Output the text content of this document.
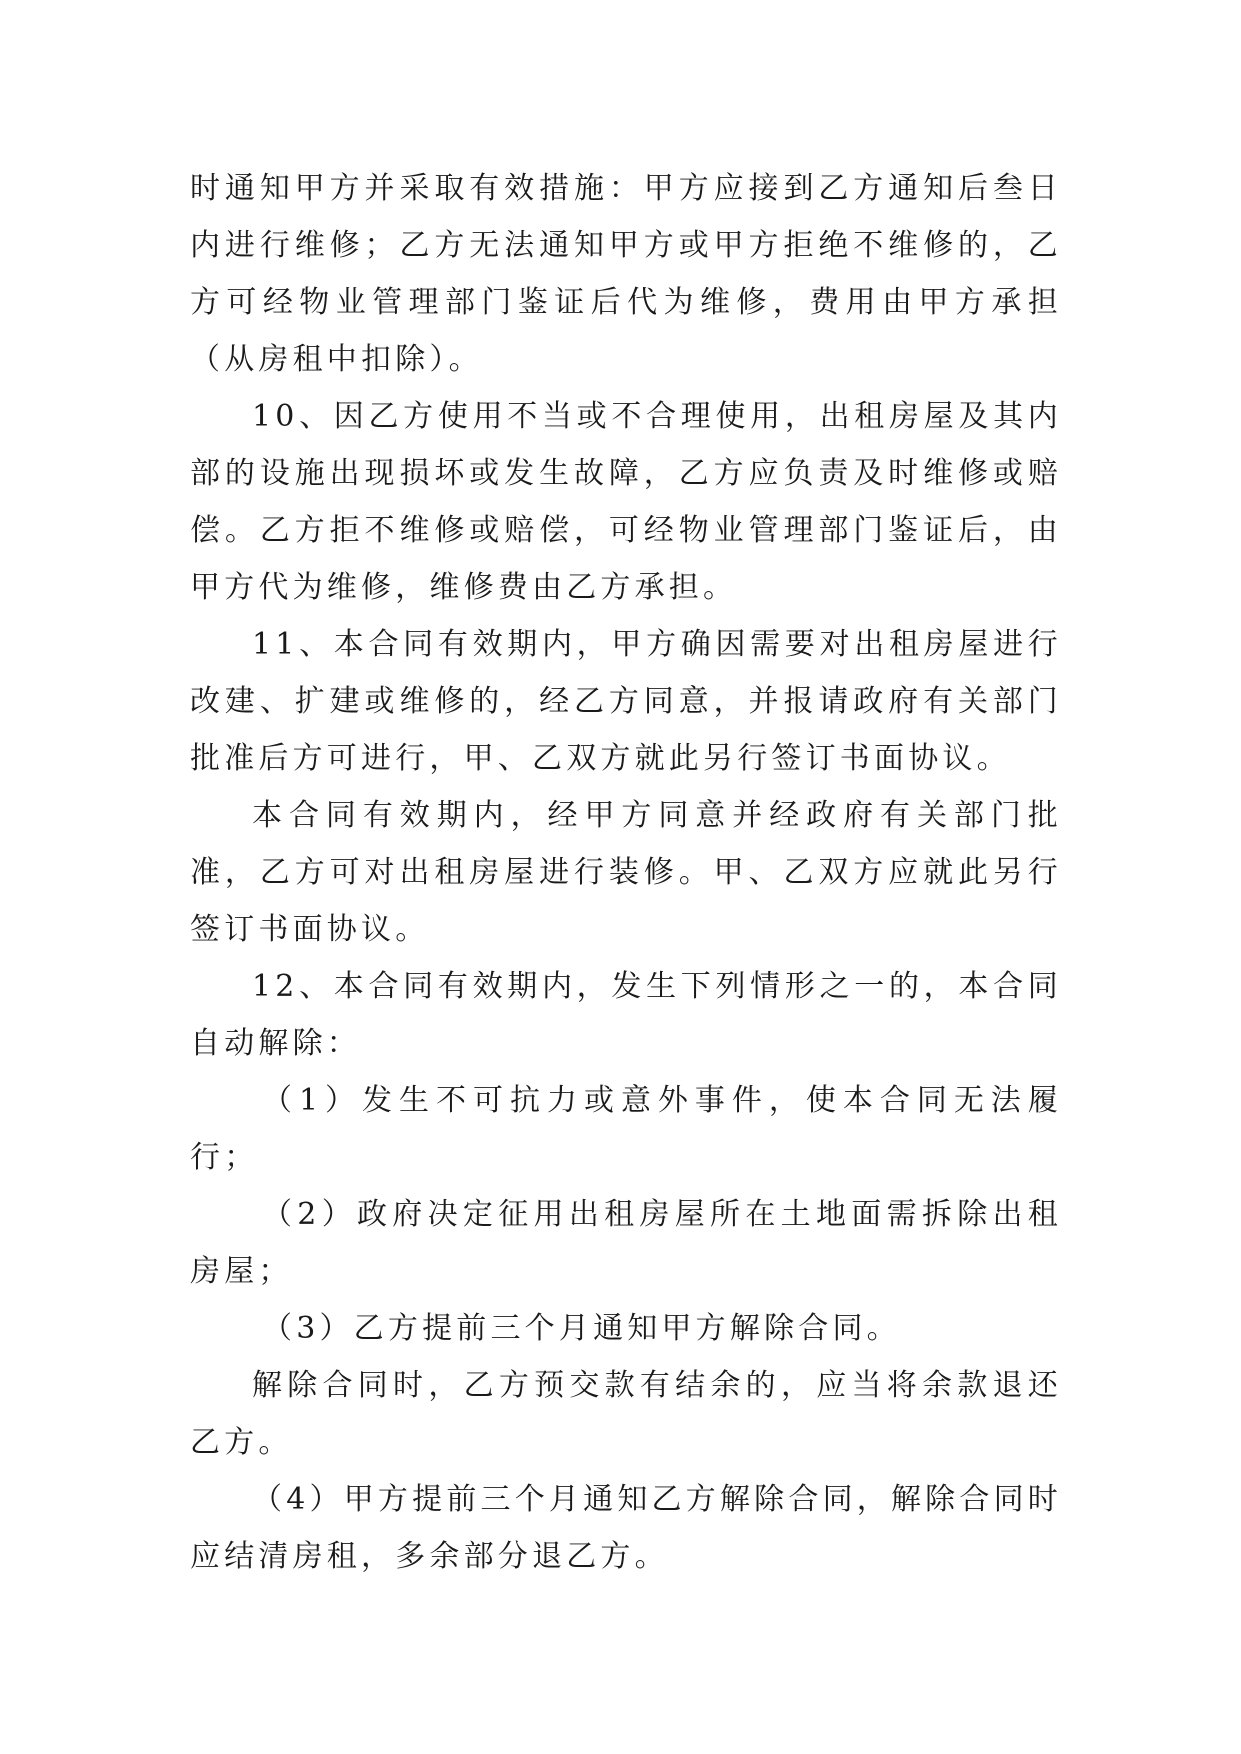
时通知甲方并采取有效措施：甲方应接到乙方通知后叁日内进行维修；乙方无法通知甲方或甲方拒绝不维修的，乙方可经物业管理部门鉴证后代为维修，费用由甲方承担（从房租中扣除）。

10、因乙方使用不当或不合理使用，出租房屋及其内部的设施出现损坏或发生故障，乙方应负责及时维修或赔偿。乙方拒不维修或赔偿，可经物业管理部门鉴证后，由甲方代为维修，维修费由乙方承担。

11、本合同有效期内，甲方确因需要对出租房屋进行改建、扩建或维修的，经乙方同意，并报请政府有关部门批准后方可进行，甲、乙双方就此另行签订书面协议。

本合同有效期内，经甲方同意并经政府有关部门批准，乙方可对出租房屋进行装修。甲、乙双方应就此另行签订书面协议。

12、本合同有效期内，发生下列情形之一的，本合同自动解除：

（1）发生不可抗力或意外事件，使本合同无法履行；

（2）政府决定征用出租房屋所在土地面需拆除出租房屋；

（3）乙方提前三个月通知甲方解除合同。

解除合同时，乙方预交款有结余的，应当将余款退还乙方。

（4）甲方提前三个月通知乙方解除合同，解除合同时应结清房租，多余部分退乙方。
